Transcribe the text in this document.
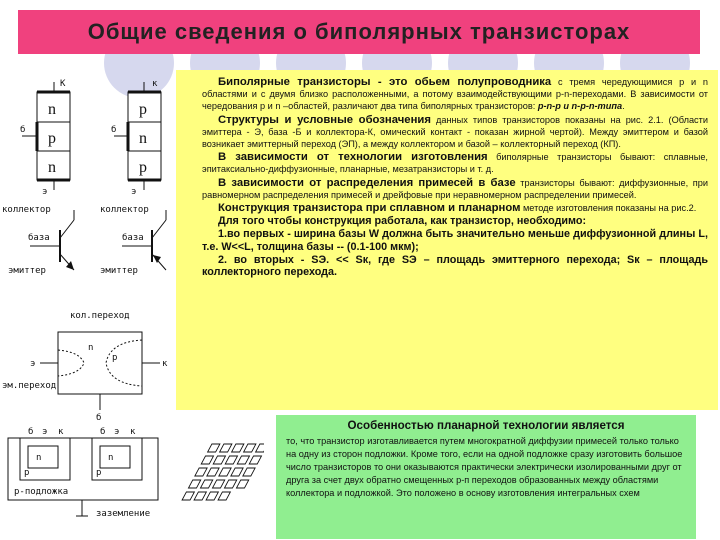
Общие сведения о биполярных транзисторах
n
p
n
К
б
э
p
n
p
к
б
э
коллектор
база
эмиттер
коллектор
база
эмиттер
кол.переход
э	к
б
n
р
эм.переход
б э к	б э к
n	n
р	р
р-подложка
заземление

Биполярные транзисторы - это обьем полупроводника с тремя чередующимися р и n областями и с двумя близко расположенными, а потому взаимодействующими p-n-переходами. В зависимости от чередования р и n –областей, различают два типа биполярных транзисторов: p-n-p и n-p-n-типа.

Структуры и условные обозначения данных типов транзисторов показаны на рис. 2.1. (Области эмиттера - Э, база -Б и коллектора-К, омический контакт - показан жирной чертой). Между эмиттером и базой возникает эмиттерный переход (ЭП), а между коллектором и базой – коллекторный переход (КП).

В зависимости от технологии изготовления биполярные транзисторы бывают: сплавные, эпитаксиально-диффузионные, планарные, мезатранзисторы и т. д.

В зависимости от распределения примесей в базе транзисторы бывают: диффузионные, при равномерном распределения примесей и дрейфовые при неравномерном распределении примесей.

Конструкция транзистора при сплавном и планарном методе изготовления показаны на рис.2.

Для того чтобы конструкция работала, как транзистор, необходимо:

1.во первых - ширина базы W должна быть значительно меньше диффузионной длины L, т.е. W<<L, толщина базы -- (0.1-100 мкм);

2. во вторых - SЭ. << Sк, где SЭ – площадь эмиттерного перехода; Sк – площадь коллекторного перехода.

Особенностью планарной технологии является
то, что транзистор изготавливается путем многократной диффузии примесей только только на одну из сторон подложки. Кроме того, если на одной подложке сразу изготовить большое число транзисторов то они оказываются практически электрически изолированными друг от друга за счет двух обратно смещенных р-п переходов образованных между областями коллектора и подложкой. Это положено в основу изготовления интегральных схем
